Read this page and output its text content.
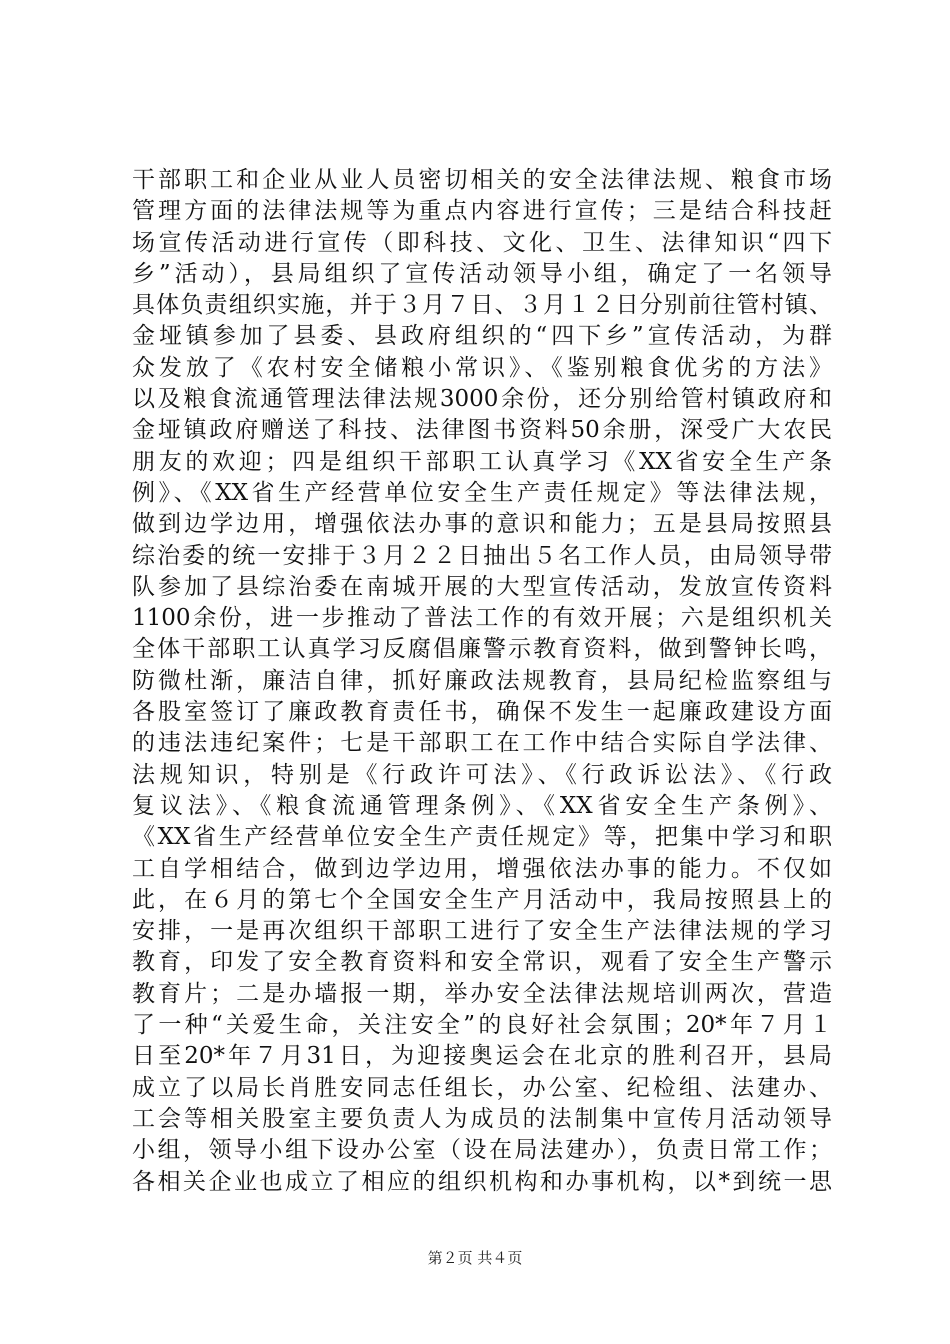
干部职工和企业从业人员密切相关的安全法律法规、粮食市场
管理方面的法律法规等为重点内容进行宣传；三是结合科技赶
场宣传活动进行宣传（即科技、文化、卫生、法律知识“四下
乡”活动），县局组织了宣传活动领导小组，确定了一名领导
具体负责组织实施，并于３月７日、３月１２日分别前往管村镇、
金垭镇参加了县委、县政府组织的“四下乡”宣传活动，为群
众发放了《农村安全储粮小常识》、《鉴别粮食优劣的方法》
以及粮食流通管理法律法规3000余份，还分别给管村镇政府和
金垭镇政府赠送了科技、法律图书资料50余册，深受广大农民
朋友的欢迎；四是组织干部职工认真学习《XX省安全生产条
例》、《XX省生产经营单位安全生产责任规定》等法律法规，
做到边学边用，增强依法办事的意识和能力；五是县局按照县
综治委的统一安排于３月２２日抽出５名工作人员，由局领导带
队参加了县综治委在南城开展的大型宣传活动，发放宣传资料
1100余份，进一步推动了普法工作的有效开展；六是组织机关
全体干部职工认真学习反腐倡廉警示教育资料，做到警钟长鸣，
防微杜渐，廉洁自律，抓好廉政法规教育，县局纪检监察组与
各股室签订了廉政教育责任书，确保不发生一起廉政建设方面
的违法违纪案件；七是干部职工在工作中结合实际自学法律、
法规知识，特别是《行政许可法》、《行政诉讼法》、《行政
复议法》、《粮食流通管理条例》、《XX省安全生产条例》、
《XX省生产经营单位安全生产责任规定》等，把集中学习和职
工自学相结合，做到边学边用，增强依法办事的能力。不仅如
此，在６月的第七个全国安全生产月活动中，我局按照县上的
安排，一是再次组织干部职工进行了安全生产法律法规的学习
教育，印发了安全教育资料和安全常识，观看了安全生产警示
教育片；二是办墙报一期，举办安全法律法规培训两次，营造
了一种“关爱生命，关注安全”的良好社会氛围；20*年７月１
日至20*年７月31日，为迎接奥运会在北京的胜利召开，县局
成立了以局长肖胜安同志任组长，办公室、纪检组、法建办、
工会等相关股室主要负责人为成员的法制集中宣传月活动领导
小组，领导小组下设办公室（设在局法建办），负责日常工作；
各相关企业也成立了相应的组织机构和办事机构，以*到统一思
第２页 共４页
